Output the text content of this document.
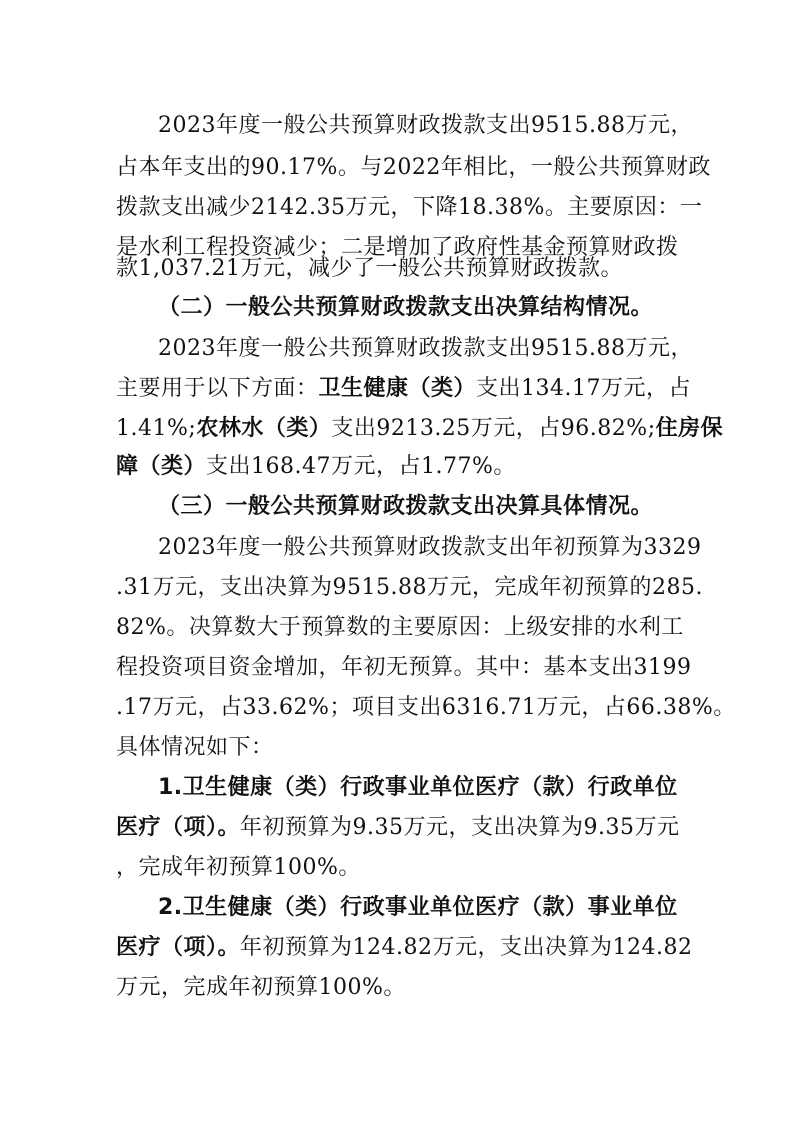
2023年度一般公共预算财政拨款支出9515.88万元，
占本年支出的90.17%。与2022年相比，一般公共预算财政
拨款支出减少2142.35万元，下降18.38%。主要原因：一
是水利工程投资减少；二是增加了政府性基金预算财政拨
款1,037.21万元，减少了一般公共预算财政拨款。
（二）一般公共预算财政拨款支出决算结构情况。
2023年度一般公共预算财政拨款支出9515.88万元，
主要用于以下方面：卫生健康（类）支出134.17万元，占
1.41%;农林水（类）支出9213.25万元，占96.82%;住房保
障（类）支出168.47万元，占1.77%。
（三）一般公共预算财政拨款支出决算具体情况。
2023年度一般公共预算财政拨款支出年初预算为3329
.31万元，支出决算为9515.88万元，完成年初预算的285.
82%。决算数大于预算数的主要原因：上级安排的水利工
程投资项目资金增加，年初无预算。其中：基本支出3199
.17万元，占33.62%；项目支出6316.71万元，占66.38%。
具体情况如下：
1.卫生健康（类）行政事业单位医疗（款）行政单位
医疗（项）。年初预算为9.35万元，支出决算为9.35万元
，完成年初预算100%。
2.卫生健康（类）行政事业单位医疗（款）事业单位
医疗（项）。年初预算为124.82万元，支出决算为124.82
万元，完成年初预算100%。
